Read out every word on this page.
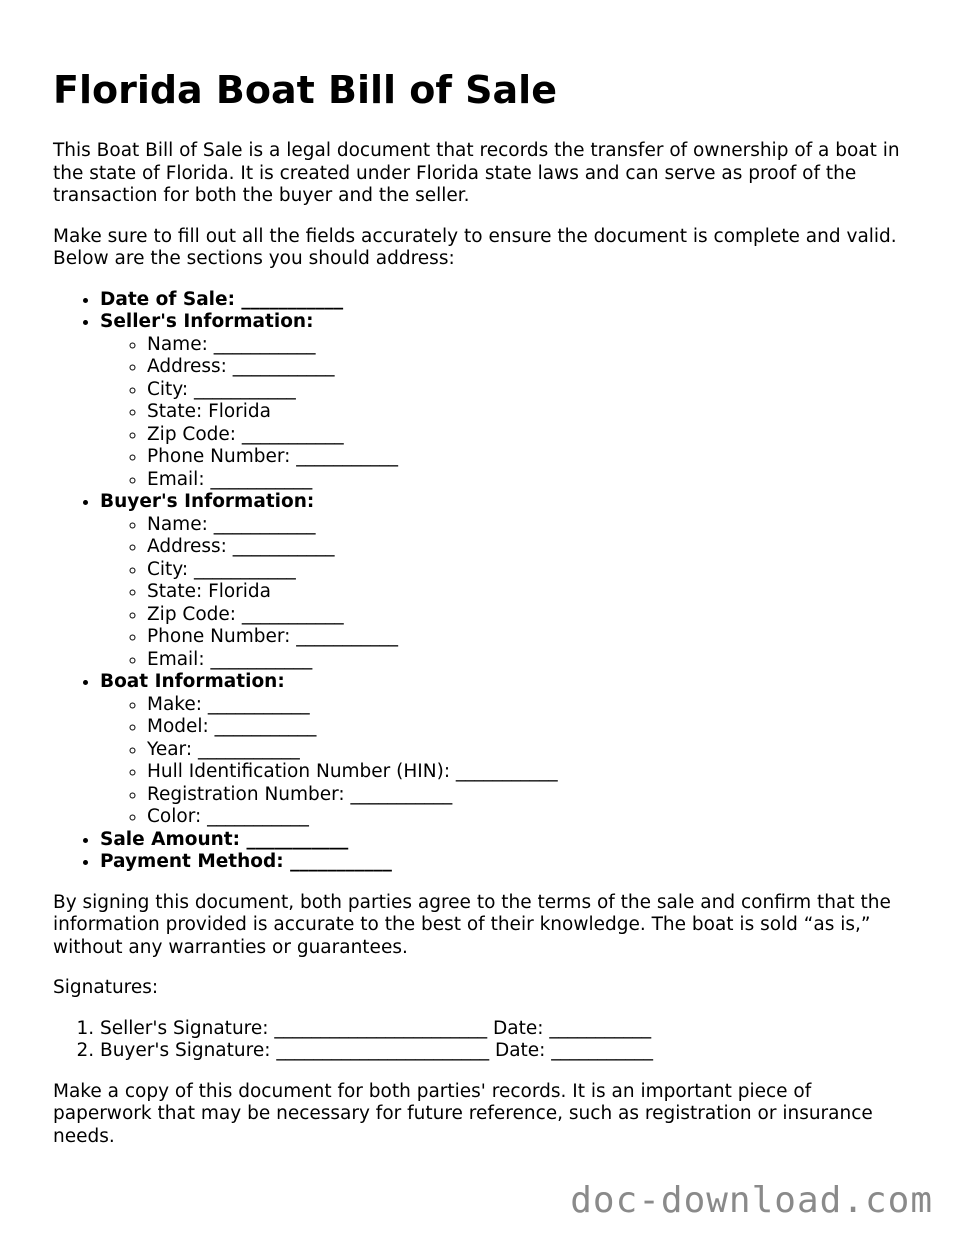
Florida Boat Bill of Sale

This Boat Bill of Sale is a legal document that records the transfer of ownership of a boat in the state of Florida. It is created under Florida state laws and can serve as proof of the transaction for both the buyer and the seller.

Make sure to fill out all the fields accurately to ensure the document is complete and valid. Below are the sections you should address:

• Date of Sale: ___________
• Seller's Information:
◦ Name: ___________
◦ Address: ___________
◦ City: ___________
◦ State: Florida
◦ Zip Code: ___________
◦ Phone Number: ___________
◦ Email: ___________
• Buyer's Information:
◦ Name: ___________
◦ Address: ___________
◦ City: ___________
◦ State: Florida
◦ Zip Code: ___________
◦ Phone Number: ___________
◦ Email: ___________
• Boat Information:
◦ Make: ___________
◦ Model: ___________
◦ Year: ___________
◦ Hull Identification Number (HIN): ___________
◦ Registration Number: ___________
◦ Color: ___________
• Sale Amount: ___________
• Payment Method: ___________

By signing this document, both parties agree to the terms of the sale and confirm that the information provided is accurate to the best of their knowledge. The boat is sold “as is,” without any warranties or guarantees.

Signatures:

1. Seller's Signature: _______________________ Date: ___________
2. Buyer's Signature: _______________________ Date: ___________

Make a copy of this document for both parties' records. It is an important piece of paperwork that may be necessary for future reference, such as registration or insurance needs.

doc-download.com
